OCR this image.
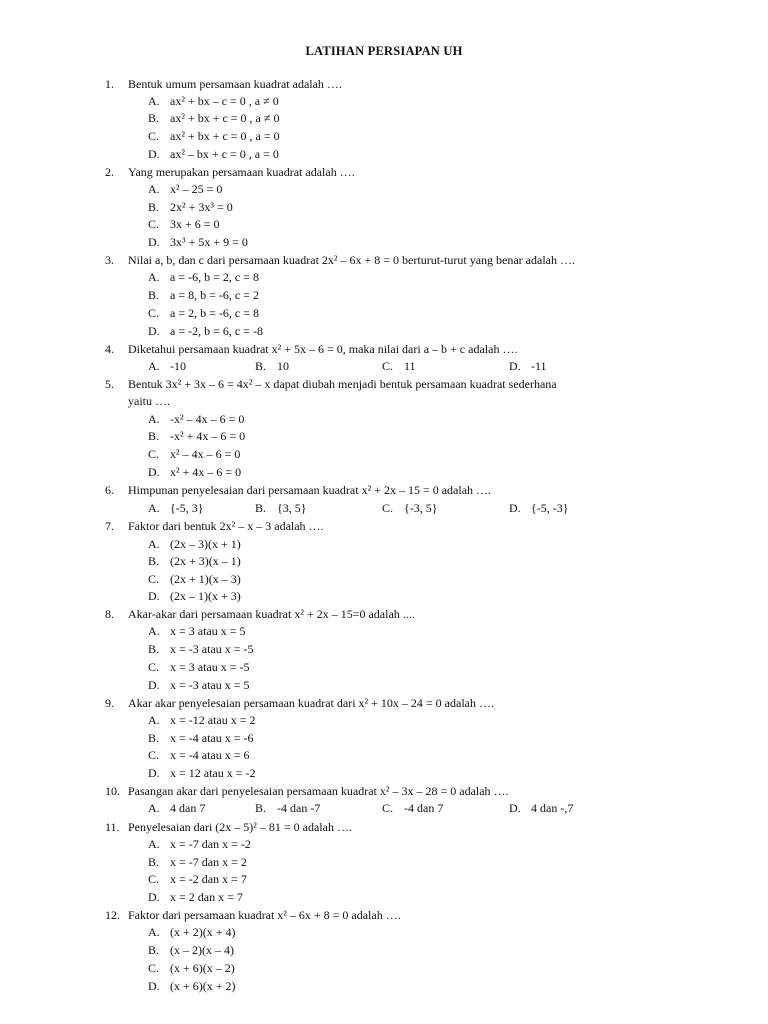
LATIHAN PERSIAPAN UH
1.	Bentuk umum persamaan kuadrat adalah ….
A. ax² + bx – c = 0 , a ≠ 0
B. ax² + bx + c = 0 , a ≠ 0
C. ax² + bx + c = 0 , a = 0
D. ax² – bx + c = 0 , a = 0
2.	Yang merupakan persamaan kuadrat adalah ….
A. x² – 25 = 0
B. 2x² + 3x³ = 0
C. 3x + 6 = 0
D. 3x³ + 5x + 9 = 0
3.	Nilai a, b, dan c dari persamaan kuadrat 2x² – 6x + 8 = 0 berturut-turut yang benar adalah ….
A. a = -6, b = 2, c = 8
B. a = 8, b = -6, c = 2
C. a = 2, b = -6, c = 8
D. a = -2, b = 6, c = -8
4.	Diketahui persamaan kuadrat x² + 5x – 6 = 0, maka nilai dari a – b + c adalah ….
A. -10	B. 10	C. 11	D. -11
5.	Bentuk 3x² + 3x – 6 = 4x² – x dapat diubah menjadi bentuk persamaan kuadrat sederhana
yaitu ….
A. -x² – 4x – 6 = 0
B. -x² + 4x – 6 = 0
C. x² – 4x – 6 = 0
D. x² + 4x – 6 = 0
6.	Himpunan penyelesaian dari persamaan kuadrat x² + 2x – 15 = 0 adalah ….
A. {-5, 3}	B. {3, 5}	C. {-3, 5}	D. {-5, -3}
7.	Faktor dari bentuk 2x² – x – 3 adalah ….
A. (2x – 3)(x + 1)
B. (2x + 3)(x – 1)
C. (2x + 1)(x – 3)
D. (2x – 1)(x + 3)
8.	Akar-akar dari persamaan kuadrat x² + 2x – 15=0 adalah ....
A. x = 3 atau x = 5
B. x = -3 atau x = -5
C. x = 3 atau x = -5
D. x = -3 atau x = 5
9.	Akar akar penyelesaian persamaan kuadrat dari x² + 10x – 24 = 0 adalah ….
A. x = -12 atau x = 2
B. x = -4 atau x = -6
C. x = -4 atau x = 6
D. x = 12 atau x = -2
10. Pasangan akar dari penyelesaian persamaan kuadrat x² – 3x – 28 = 0 adalah ….
A. 4 dan 7	B. -4 dan -7	C. -4 dan 7	D. 4 dan -,7
11. Penyelesaian dari (2x – 5)² – 81 = 0 adalah ….
A. x = -7 dan x = -2
B. x = -7 dan x = 2
C. x = -2 dan x = 7
D. x = 2 dan x = 7
12. Faktor dari persamaan kuadrat x² – 6x + 8 = 0 adalah ….
A. (x + 2)(x + 4)
B. (x – 2)(x – 4)
C. (x + 6)(x – 2)
D. (x + 6)(x + 2)
